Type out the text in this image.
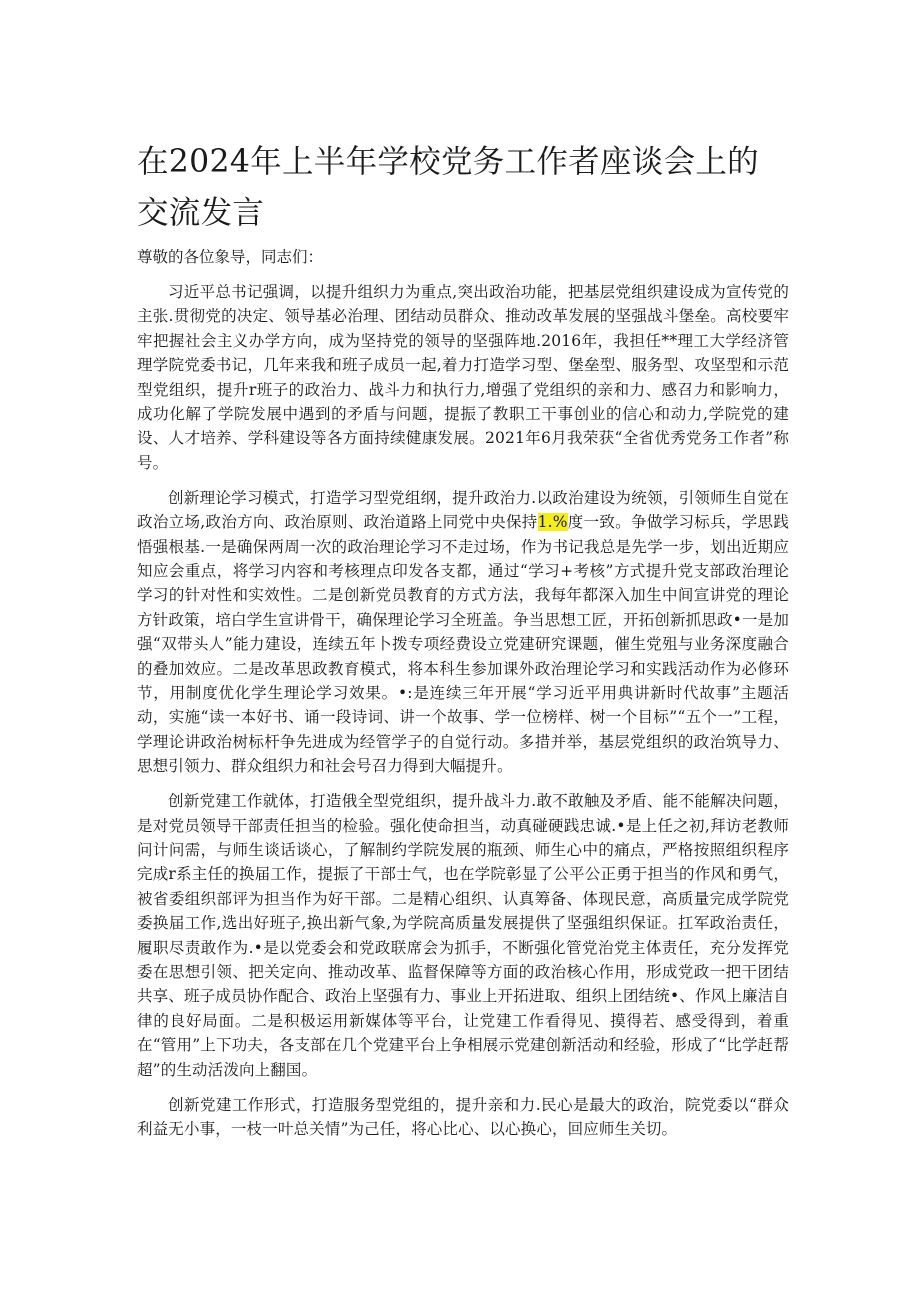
在2024年上半年学校党务工作者座谈会上的交流发言

尊敬的各位象导，同志们：

习近平总书记强调，以提升组织力为重点,突出政治功能，把基层党组织建设成为宣传党的主张.贯彻党的决定、领导基必治理、团结动员群众、推动改革发展的坚强战斗堡垒。高校要牢牢把握社会主义办学方向，成为坚持党的领导的坚强阵地.2016年，我担任**理工大学经济管理学院党委书记，几年来我和班子成员一起,着力打造学习型、堡垒型、服务型、攻坚型和示范型党组织，提升r班子的政治力、战斗力和执行力,增强了党组织的亲和力、感召力和影响力，成功化解了学院发展中遇到的矛盾与问题，提振了教职工干事创业的信心和动力,学院党的建设、人才培养、学科建设等各方面持续健康发展。2021年6月我荣获“全省优秀党务工作者”称号。

创新理论学习模式，打造学习型党组纲，提升政治力.以政治建设为统领，引领师生自觉在政治立场,政治方向、政治原则、政治道路上同党中央保持1.%度一致。争做学习标兵，学思践悟强根基.一是确保两周一次的政治理论学习不走过场，作为书记我总是先学一步，划出近期应知应会重点，将学习内容和考核理点印发各支都，通过“学习+考核”方式提升党支部政治理论学习的针对性和实效性。二是创新党员教育的方式方法，我每年都深入加生中间宣讲党的理论方针政策，培白学生宣讲骨干，确保理论学习全班盖。争当思想工匠，开拓创新抓思政•一是加强“双带头人”能力建设，连续五年卜拨专项经费设立党建研究课题，催生党殂与业务深度融合的叠加效应。二是改革思政教育模式，将本科生参加课外政治理论学习和实践活动作为必修环节，用制度优化学生理论学习效果。•:是连续三年开展“学习近平用典讲新时代故事”主题活动，实施“读一本好书、诵一段诗词、讲一个故事、学一位榜样、树一个目标”“五个一”工程，学理论讲政治树标杆争先进成为经管学子的自觉行动。多措并举，基层党组织的政治筑导力、思想引领力、群众组织力和社会号召力得到大幅提升。

创新党建工作就体，打造俄全型党组织，提升战斗力.敢不敢触及矛盾、能不能解决问题，是对党员领导干部责任担当的检验。强化使命担当，动真碰硬践忠诚.•是上任之初,拜访老教师问计问需，与师生谈话谈心，了解制约学院发展的瓶颈、师生心中的痛点，严格按照组织程序完成r系主任的换届工作，提振了干部士气，也在学院彰显了公平公正勇于担当的作风和勇气，被省委组织部评为担当作为好干部。二是精心组织、认真筹备、体现民意，高质量完成学院党委换届工作,选出好班子,换出新气象,为学院高质量发展提供了坚强组织保证。扛军政治责任，履职尽责敢作为.•是以党委会和党政联席会为抓手，不断强化管党治党主体责任，充分发挥党委在思想引领、把关定向、推动改革、监督保障等方面的政治核心作用，形成党政一把干团结共享、班子成员协作配合、政治上坚强有力、事业上开拓进取、组织上团结统•、作风上廉洁自律的良好局面。二是积极运用新媒体等平台，让党建工作看得见、摸得若、感受得到，着重在“管用”上下功夫，各支部在几个党建平台上争相展示党建创新活动和经验，形成了“比学赶帮超”的生动活泼向上翻国。

创新党建工作形式，打造服务型党组的，提升亲和力.民心是最大的政治，院党委以“群众利益无小事，一枝一叶总关情”为己任，将心比心、以心换心，回应师生关切。
